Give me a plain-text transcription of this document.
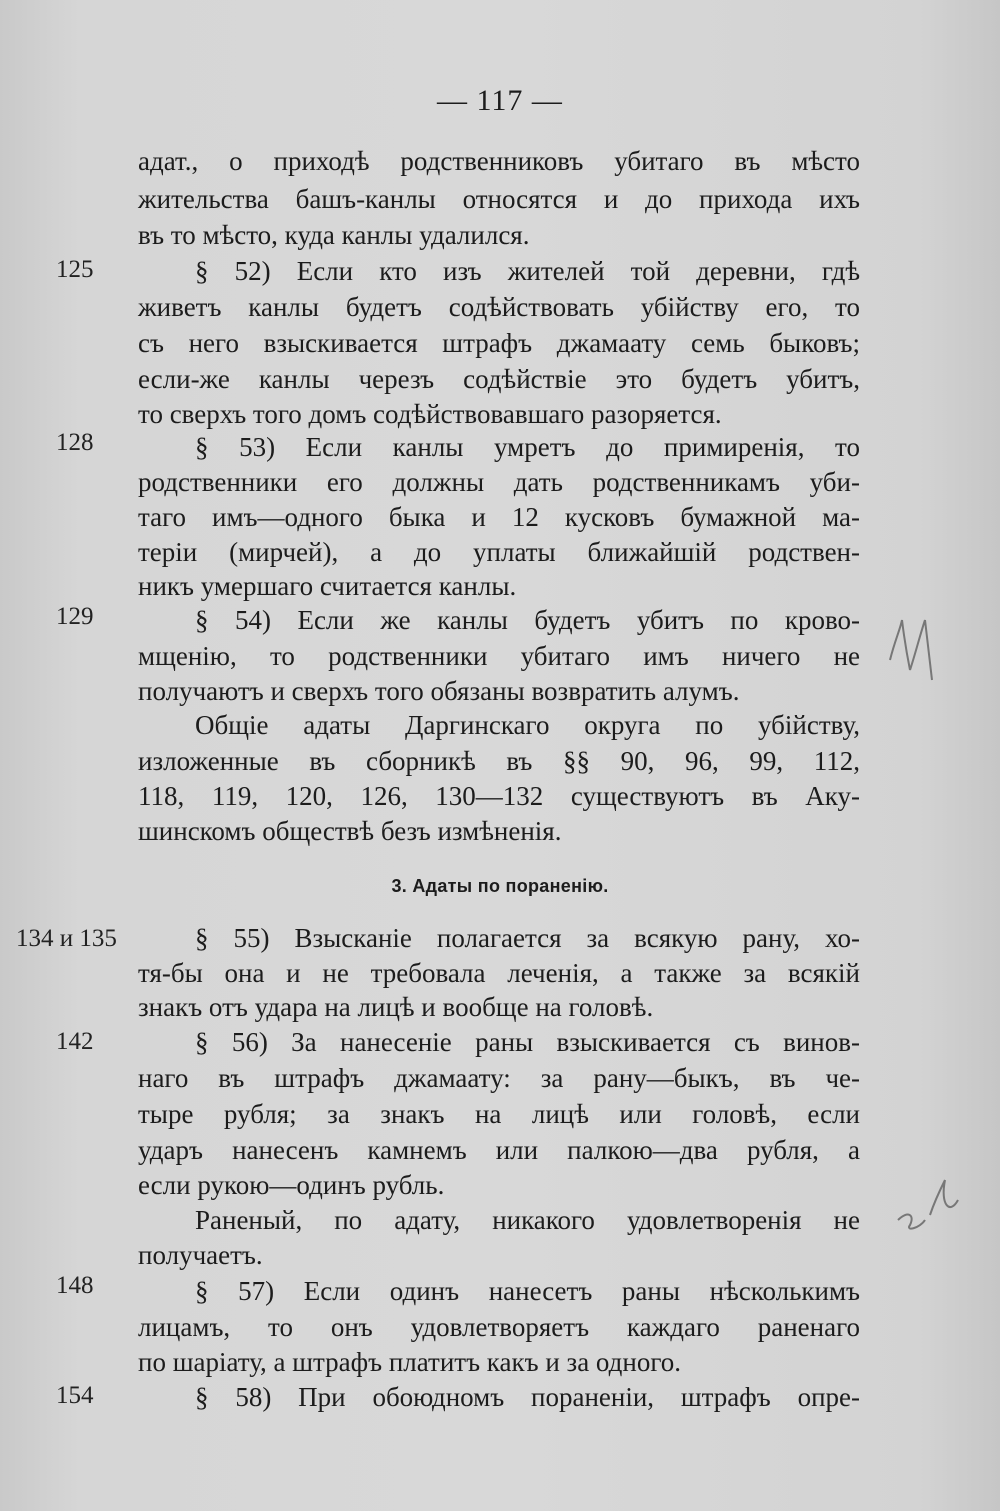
— 117 —
125
128
129
134 и 135
142
148
154
адат., о приходѣ родственниковъ убитаго въ мѣсто
жительства башъ-канлы относятся и до прихода ихъ
въ то мѣсто, куда канлы удалился.
§ 52) Если кто изъ жителей той деревни, гдѣ
живетъ канлы будетъ содѣйствовать убійству его, то
съ него взыскивается штрафъ джамаату семь быковъ;
если-же канлы черезъ содѣйствіе это будетъ убитъ,
то сверхъ того домъ содѣйствовавшаго разоряется.
§ 53) Если канлы умретъ до примиренія, то
родственники его должны дать родственникамъ уби-
таго имъ—одного быка и 12 кусковъ бумажной ма-
теріи (мирчей), а до уплаты ближайшій родствен-
никъ умершаго считается канлы.
§ 54) Если же канлы будетъ убитъ по крово-
мщенію, то родственники убитаго имъ ничего не
получаютъ и сверхъ того обязаны возвратить алумъ.
Общіе адаты Даргинскаго округа по убійству,
изложенные въ сборникѣ въ §§ 90, 96, 99, 112,
118, 119, 120, 126, 130—132 существуютъ въ Аку-
шинскомъ обществѣ безъ измѣненія.
3. Адаты по пораненію.
§ 55) Взысканіе полагается за всякую рану, хо-
тя-бы она и не требовала леченія, а также за всякій
знакъ отъ удара на лицѣ и вообще на головѣ.
§ 56) За нанесеніе раны взыскивается съ винов-
наго въ штрафъ джамаату: за рану—быкъ, въ че-
тыре рубля; за знакъ на лицѣ или головѣ, если
ударъ нанесенъ камнемъ или палкою—два рубля, а
если рукою—одинъ рубль.
Раненый, по адату, никакого удовлетворенія не
получаетъ.
§ 57) Если одинъ нанесетъ раны нѣсколькимъ
лицамъ, то онъ удовлетворяетъ каждаго раненаго
по шаріату, а штрафъ платитъ какъ и за одного.
§ 58) При обоюдномъ пораненіи, штрафъ опре-
